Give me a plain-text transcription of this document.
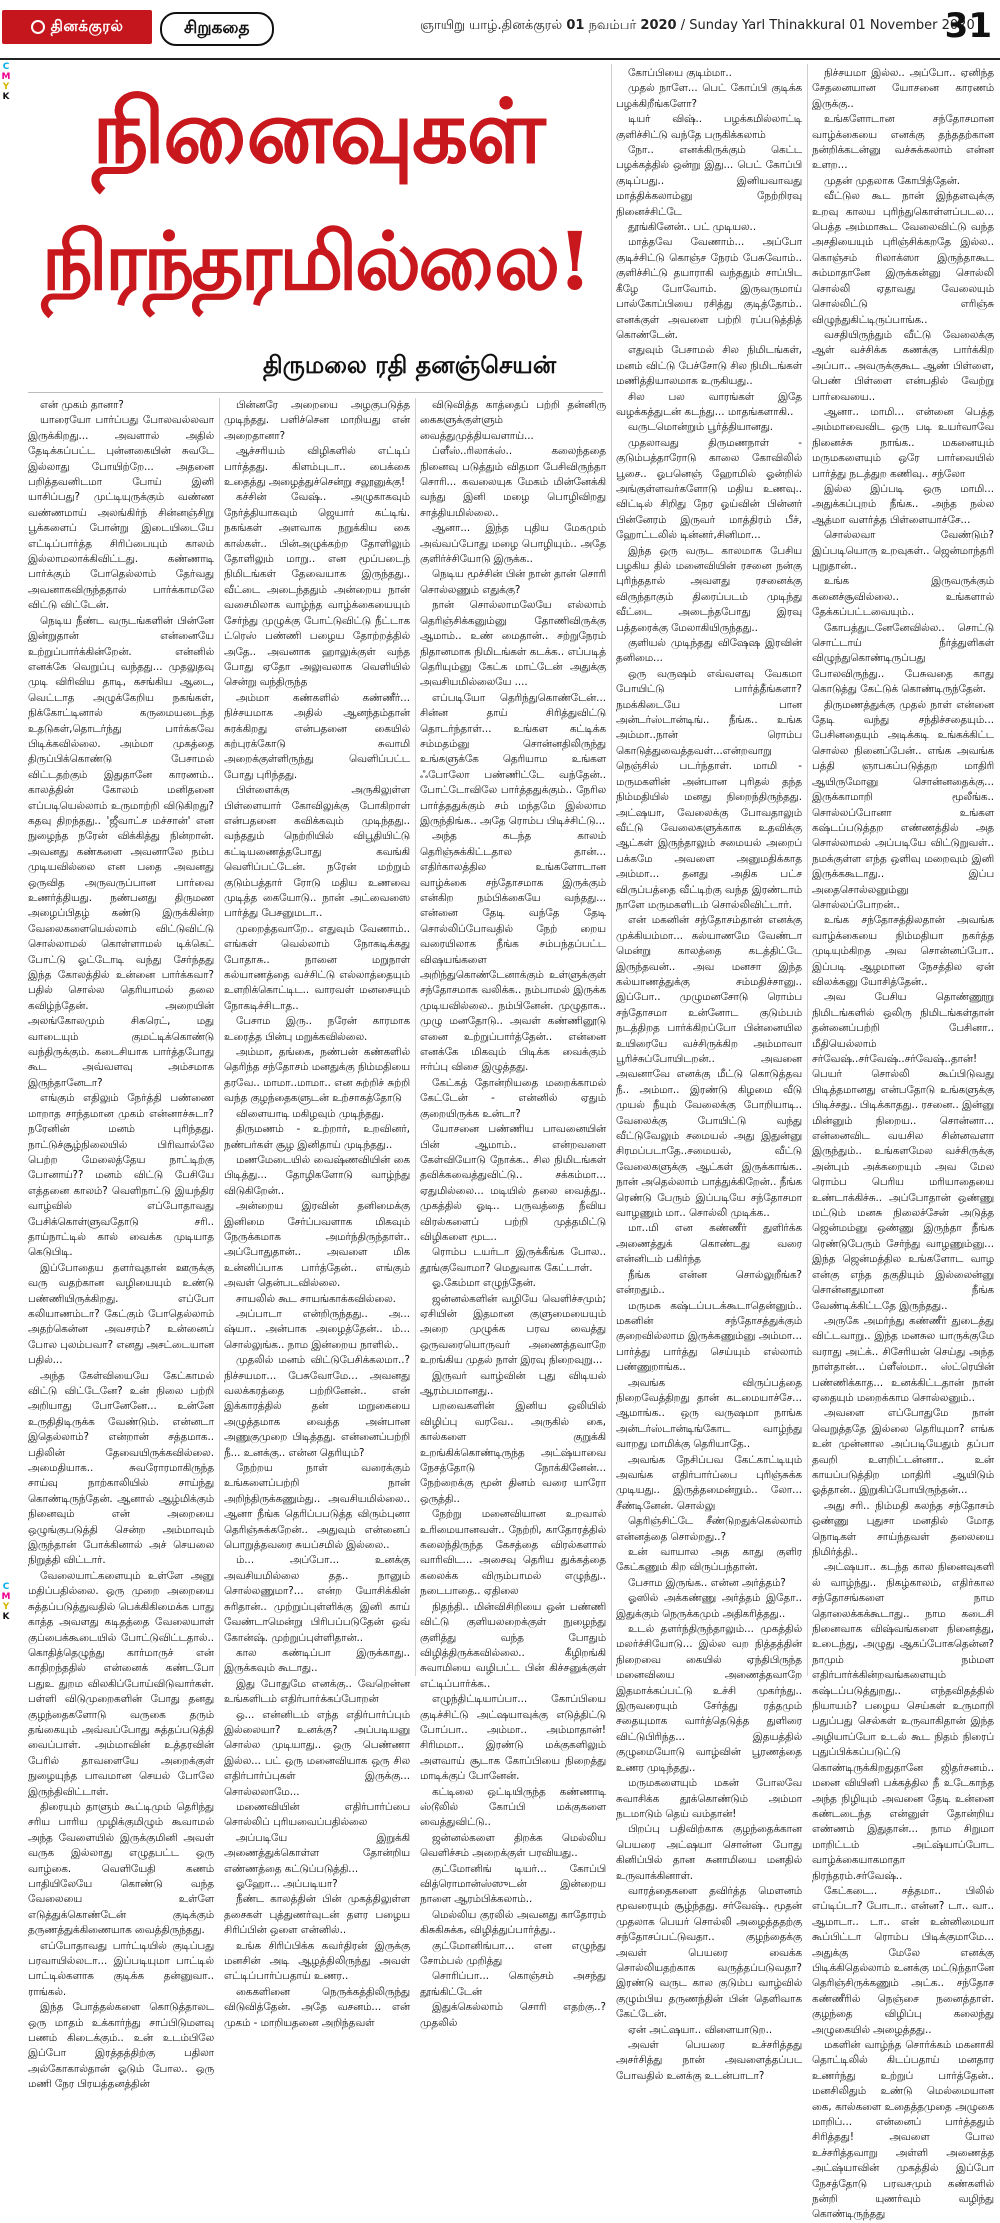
தினக்குரல்	சிறுகதை	ஞாயிறு யாழ்.தினக்குரல் 01 நவம்பர் 2020 / Sunday Yarl Thinakkural 01 November 2020
31
C
M
Y
K
C
M
Y
K
நினைவுகள்
நிரந்தரமில்லை!
திருமலை ரதி தனஞ்செயன்

என் முகம் தானா?

யாரையோ பார்ப்பது போலவல்லவா இருக்கிறது... அவளால் அதில் தேடிக்கப்பட்ட புன்னகையின் சுவடே இல்லாது போயிற்றே... அதனை பறித்தவனிடமா போய் இனி யாசிப்பது? முட்டியுருக்கும் வண்ண வண்ணமாய் அலங்கிர்ந் சின்னஞ்சிறு பூக்களைப் போன்று இடையிடையே எட்டிப்பார்த்த சிரிப்பையும் காலம் இல்லாமலாக்கிவிட்டது. கண்ணாடி பார்க்கும் போதெல்லாம் தேர்வது அவனாகவிருந்ததால் பார்க்காமலே விட்டு விட்டேன்.

நெடிய நீண்ட வருடங்களின் பின்னே இன்றுதான் என்னையே உற்றுப்பார்க்கின்றேன். என்னில் எனக்கே வெறுப்பு வந்தது... முதலுதவு முடி விரிவிய தாடி, கசங்கிய ஆடை, வெட்டாத அழுக்கேறிய நகங்கள், நிக்கோட்டினால் கருமையடைந்த உதடுகள்,தொடர்ந்து பார்க்கவே பிடிக்கவில்லை. அம்மா முகத்தை திருப்பிக்கொண்டு பேசாமல் விட்டதற்கும் இதுதானே காரணம்.. காலத்தின் கோலம் மனிதனை எப்படியெல்லாம் உருமாற்றி விடுகிறது? கதவு திறந்தது.. 'ஜீவாட்ச மச்சான்' என நுழைந்த நரேன் விக்கித்து நின்றான். அவனது கண்களை அவனாலே நம்ப முடியவில்லை என பதை அவனது ஒருவித அருவருப்பான பார்வை உணர்த்தியது. நண்பனது திருமண அழைப்பிதழ் கண்டு இருக்கின்ற வேலைகளையெல்லாம் விட்டுவிட்டு சொல்லாமல் கொள்ளாமல் டிக்கெட் போட்டு ஓட்டோடி வந்து சேர்ந்தது இந்த கோலத்தில் உன்னை பார்க்கவா? பதில் சொல்ல தெரியாமல் தலை கவிழ்ந்தேன். அறையின் அலங்கோலமும் சிகரெட், மது வாடையும் குமட்டிக்கொண்டு வந்திருக்கும். கடைசியாக பார்த்தபோது கூட அவ்வளவு அம்சமாக இருந்தானேடா?

எங்கும் எதிலும் நேர்த்தி பண்ணை மாறாத சாந்தமான முகம் என்னாச்சுடா? நரேனின் மனம் புரிந்தது. நாட்டுச்சூழ்நிலையில் பிரிவால்லே பெற்ற மேலைத்தேய நாட்டிற்கு போனாய்?? மனம் விட்டு பேசியே எத்தனை காலம்? வெளிநாட்டு இயந்திர வாழ்வில் எப்போதாவது பேசிக்கொள்ளுவதோடு சரி.. தாய்நாட்டில் கால் வைக்க முடியாத கெடுபிடி.

இப்போதைய தளர்வுதான் ஊருக்கு வரு வதற்கான வழியையும் உண்டு பண்ணியிருக்கிறது. எப்போ கலியாணம்டா? கேட்கும் போதெல்லாம் அதற்கென்ன அவசரம்? உன்னைப் போல புலம்பவா? எனது அசட்டையான பதில்...

அந்த கேள்வியையே கேட்காமல் விட்டு விட்டேனே? உன் நிலை பற்றி அறியாது போனேனே... உன்னே உருதிதிடிருக்க வேண்டும். என்னடா இதெல்லாம்? என்றான் சத்தமாக.. பதிலின் தேவையிருக்கவில்லை. அமைதியாக.. சுவரோரமாகிருந்த சாய்வு நாற்காலியில் சாய்ந்து கொண்டிருந்தேன். ஆனால் ஆழ்மிக்கும் நினைவும் என் அறையை ஒழுங்குபடுத்தி சென்ற அம்மாவும் இருந்தான் போக்கினால் அச் செயலை நிறுத்தி விட்டார்.

வேலையாட்களையும் உள்ளே அனு மதிப்பதில்லை. ஒரு முறை அறையை சுத்தப்படுத்துவதில் பெக்கிகிமைக்க பாது காத்த அவளது கடிதத்தை வேலையாள் குப்பைக்கூடையில் போட்டுவிட்டதால்.. கொதித்தெழுந்து கார்மாருச் என் காதிறந்ததில் என்னைக் கண்டபோ பதுஉ துறம விலகிப்போய்விடுவார்கள். பள்ளி விடுமுறைகளின் போது தனது குழந்தைகளோடு வருகை தரும் தங்கையும் அவ்வப்போது சுத்தப்படுத்தி வைப்பாள். அம்மாவின் உத்தரவின் பேரில் தாவளையே அறைக்குள் நுழையுந்த பாவமான செயல் போலே இருந்திவிட்டாள்.

திரையும் தாளும் கூட்டிமும் தெரிந்து சரிய பாரிய முழிக்குமிழும் கூவாமல் அந்த வேளையில் இருக்குமினி அவள் வருக இல்லாது எழுதபட்ட ஒரு வாழ்கை. வெளியேதி கணம் பாதியிலேயே கொண்டு வந்த வேலையை உள்ளே எடுத்துக்கொண்டேன் குடிக்கும் தருணத்துக்கிணையாக வைத்திருந்தது.

எப்போதாவது பார்ட்டியில் குடிப்பது பரவாயில்லடா... இப்படியுமா பாட்டில் பாட்டில்களாக குடிக்க தன்னுவா.. ராங்கல்.

இந்த போத்தல்களை கொடுத்தாலட ஒரு மாதம் உக்கார்ந்து சாப்பிடுமளவு பணம் கிடைக்கும்.. உன் உடம்பிலே இப்போ இரத்தத்திற்கு பதிலா அல்கோகால்தான் ஓடும் போல.. ஒரு மணி நேர பிரயத்தனத்தின்

பின்னரே அறையை அழகுபடுத்த முடிந்தது. பளிச்சென மாறியது என் அறைதானா?

ஆச்சரியம் விழிகளில் எட்டிப் பார்த்தது. கிளம்புடா.. பைக்கை உதைத்து அழைத்துச்சென்று சலூனுக்கு!

கச்சின் வேஷ்.. அழுகாகவும் நேர்த்தியாகவும் ஜெயார் கட்டிங். நகங்கள் அளவாக நறுக்கிய கை கால்கள்.. பின்அழுக்கற்ற தோளிலும் தோளிலும் மாறு.. என மூப்படைந் நிமிடங்கள் தேவையாக இருந்தது.. வீட்டை அடைந்ததும் அன்றைய நான் வசைமிலாக வாழ்ந்த வாழ்க்கையையும் சேர்ந்து முழுக்கு போட்டுவிட்டு நீட்டாக ட்ரெஸ் பண்ணி பழைய தோற்றத்தில் அதே.. அவனாக ஹாலுக்குள் வந்த போது ஏதோ அலுவலாக வெளியில் சென்று வந்திருந்த

அம்மா கண்களில் கண்ணீர்... நிச்சயமாக அதில் ஆனந்தம்தான் சுரக்கிறது என்பதனை கையில் கற்புரக்கோடு சுவாமி அறைக்குள்ளிருந்து வெளிப்பட்ட போது புரிந்தது.

பிள்ளைக்கு அருகிலுள்ள பிள்ளையார் கோவிலுக்கு போகிறாள் என்பதனை கவிக்கவும் முடிந்தது.. வந்ததும் நெற்றியில் விபூதியிட்டு கட்டியணைத்தபோது கவங்கி வெளிப்பட்டேன். நரேன் மற்றும் குடும்பத்தார் ரோடு மதிய உணவை முடித்த கையோடு.. நான் அட்வைஸை பார்த்து பேசனுமடா..

முறைத்தவாறே.. எதுவும் வேணாம்.. எங்கள் வெல்லாம் நோகடிக்கது போதாசு.. நானை மறுநாள் கல்யாணத்தை வச்சிட்டு எல்லாத்தையும் உளறிக்கொட்டிட.. வாரவள் மனசையும் நோகடிச்சிடாத..

பேசாம இரு.. நரேன் காரமாக உரைத்த பின்பு மறுக்கவில்லை.

அம்மா, தங்கை, நண்பன் கண்களில் தெரிந்த சந்தோசம் மனதுக்கு நிம்மதியை தரவே.. மாமா..மாமா.. என சுற்றிச் சுற்றி வந்த குழந்தைகளுடன் உற்சாகத்தோடு

விளையாடி மகிழவும் முடிந்தது.

திருமணம் - உற்றார், உறவினர், நண்பர்கள் சூழ இனிதாய் முடிந்தது..

மணமேடையில் வைஷ்ணவியின் கை பிடித்து... தோழிகளோடு வாழ்ந்து விடுகிறேன்..

அன்றைய இரவின் தனிமைக்கு இனிமை சேர்ப்பவளாக மிகவும் நேருக்கமாக அமர்ந்திருந்தாள்.. அப்போதுதான்.. அவளை மிக உன்னிப்பாக பார்த்தேன்.. எங்கும் அவள் தென்படவில்லை.

சாயலில் கூட சாயங்காக்கவில்லை.

அப்பாடா என்றிருந்தது.. அ... ஷ்யா.. அன்பாக அழைத்தேன்.. ம்... சொல்லுங்க.. நாம இன்றைய நாளில்..

முதலில் மனம் விட்டுபேசிக்கலமா..? நிச்சயமா... பேசுவோமே... அவனது வலக்கரத்தை பற்றினேன்.. என் இக்காரத்தில் தன் மறுகையை அழுத்தமாக வைத்த அன்பான அணுகுமுறை பிடித்தது. என்னைப்பற்றி நீ... உனக்கு.. என்ன தெரியும்?

நேற்றய நாள் வரைக்கும் உங்களைப்பற்றி நான் அறிந்திருக்கணும்து.. அவசியமில்லை.. ஆனா நீங்க தெரிப்பபடுத்த விரும்புனா தெரிஞ்சுக்கறேன்.. அதுவும் என்னைப் பொறுத்தவரை சுயப்சமில் இல்லை..

ம்... அப்போ... உனக்கு அவசியமில்லை தத.. நானும் சொல்லணுமா?... என்ற யோசிக்கின் சுரிதான்.. முற்றுப்புள்ளிக்கு இனி காய் வேண்டாமென்று பிரிபப்படுதேன் ஒவ் கோன்ஷ். முற்றுப்புள்ளிதான்..

கால கண்டிப்பா இருக்காது.. இருக்கவும் கூடாது..

இது போதுமே எனக்கு.. வேறென்ன உங்களிடம் எதிர்பார்க்கப்போறன்

ஒ... என்னிடம் எந்த எதிர்பார்ப்பும் இல்லையா? உனக்கு? அப்படியனு சொல்ல முடியாது.. ஒரு பெண்ணா இல்ல... பட் ஒரு மனைவியாக ஒரு சில எதிர்பார்ப்புகள் இருக்கு... சொல்லலாமே...

மணைவியின் எதிர்பார்ப்பை சொல்லிப் புரியவைப்பதில்லை

அப்படியே இறுக்கி அணைத்துக்கொள்ள தோன்றிய எண்ணத்தை கட்டுப்படுத்தி...

ஓஹோ... அப்படியா?

நீண்ட காலத்தின் பின் முகத்திலுள்ள தசைகள் புத்துணர்வுடன் தளர பழைய சிரிப்பின் ஒளை என்னில்..

உங்க சிரிப்பிக்க கவர்திரன் இருக்கு மனசின் அடி ஆழத்திலிருந்து அவள் எட்டிப்பார்ப்பதாய் உணர..

கைகளினை நெருக்கத்திலிருந்து விடுவித்தேன். அதே வசனம்... என் முகம் - மாறியதனை அறிந்தவள்

விடுவித்த காத்தைப் பற்றி தன்னிரு கைகளுக்குள்ளும் வைத்துமுத்தியவளாய்...

ப்ளீஸ்..ரிலாக்ஸ்.. கலைந்ததை நினைவு படுத்தும் விதமா பேசிவிருந்தா சொரி... கவலையுக மேகம் மின்னேக்கி வந்து இனி மழை பொழிவிறது சாத்தியமில்லை..

ஆனா... இந்த புதிய மேகமும் அவ்வப்போது மழை பொழியும்.. அதே குளிர்ச்சியோடு இருக்க..

நெடிய மூச்சின் பின் நான் தான் சொரி சொல்லணும் எதுக்கு?

நான் சொல்லாமலேயே எல்லாம் தெரிஞ்சிக்கனும்னு தோணிவிருக்கு ஆமாம்.. உண் மைதான்.. சற்றுநேரம் நிதானமாக நிமிடங்கள் கடக்க.. எப்படித் தெரியும்னு கேட்க மாட்டேன் அதுக்கு அவசியமில்லையே ....

எப்படியோ தெரிந்துகொண்டேன்... சின்ன தாய் சிரித்துவிட்டு தொடர்ந்தாள்... உங்கள கட்டிக்க சம்மதம்னு சொன்னதிலிருந்து உங்களுக்கே தெரியாம உங்கள ஃபோலோ பண்ணிட்டே வந்தேன்.. போட்டோவிலே பார்த்ததுக்கும்.. நேரில பார்த்ததுக்கும் சம் மந்தமே இல்லாம இருந்திங்க.. அதே ரொம்ப பிடிச்சிட்டு...

அந்த கடந்த காலம் தெரிஞ்சுக்கிட்டதால தான்... எதிர்காலத்தில உங்களோடான வாழ்க்கை சந்தோசமாக இருக்கும் என்கிற நம்பிக்கையே வந்தது... என்னை தேடி வந்தே தேடி சொல்லிப்போவதில் நேற் றைய வரையிலாக நீங்க சம்பந்தப்பட்ட விஷயங்களை அறிந்துகொண்டேனாக்கும் உள்ளுக்குள் சந்தோசமாக வலிக்க.. நம்பாமல் இருக்க முடியவில்லை.. நம்பினேன். முழுதாக.. முழு மனதோடு.. அவள் கண்ணினூடு எனை உற்றுப்பார்த்தேன்.. என்னை எனக்கே மிகவும் பிடிக்க வைக்கும் ஈர்ப்பு விசை இழுத்தது.

கேட்கத் தோன்றியதை மறைக்காமல் கேட்டேன் - என்னில் ஏதும் குறையிருக்க உன்டா?

யோசனை பண்ணிய பாவனையின் பின் ஆமாம்.. என்றவளை கேள்வியோடு நோக்க.. சில நிமிடங்கள் தவிக்கவைத்துவிட்டு.. சக்கம்மா... ஏதுமில்லை... மடியில் தலை வைத்து.. முகத்தில் ஓடி.. பருவத்தை நீவிய விரல்களைப் பற்றி முத்தமிட்டு விழிகளை மூட..

ரொம்ப டயர்டா இருக்கீங்க போல.. தூங்குவோமா? மெதுவாக கேட்டாள்.

ஓ.கேம்மா எழுந்தேன்.

ஜன்னல்களின் வழியே வெளிச்சமும்; ஏசியின் இதமான குளுமையையும் அறை முழுக்க பரவ வைத்து ஒருவரையொருவர் அணைத்தவாறே உறங்கிய முதல் நாள் இரவு நிறைவுறு...

இருவர் வாழ்வின் புது விடியல் ஆரம்பமானது..

பறவைகளின் இனிய ஒலியில் விழிப்பு வரவே.. அருகில் கை, கால்களை குறுக்கி உறங்கிக்கொண்டிருந்த அட்ஷ்யாவை நேசத்தோடு நோக்கினேன்... நேற்றைக்கு மூன் தினம் வரை யாரோ ஒருத்தி..

நேற்று மனைவியான உறவால் உரிமையானவள்.. நேற்றி, காதோரத்தில் கலைந்திருந்த கேசத்தை விரல்களால் வாரிவிட... அசைவு தெரிய துக்கத்தை கலைக்க விரும்பாமல் எழுந்து.. நடைபாதை.. ஏதிலை

நிதந்தி.. மின்விசிறியை ஒன் பண்ணி விட்டு குளியலறைக்குள் நுழைந்து குளித்து வந்த போதும் விழித்திருக்கவில்லை.. கீழிறங்கி சுவாமியை வழிபட்ட பின் கிச்சனுக்குள் எட்டிப்பார்க்க..

எழுந்திட்டியாப்பா... கோப்பியை குடிச்சிட்டு அட்ஷயாவுக்கு எடுத்திட்டு போப்பா.. அம்மா.. அம்மாதான்! சிரிமமா.. இரண்டு மக்குகளிலும் அளவாய் சூடாக கோப்பியை நிறைத்து மாடிக்குப் போனேன்.

கட்டிலை ஒட்டியிருந்த கண்ணாடி ஸ்டூலில் கோப்பி மக்குகளை வைத்துவிட்டு..

ஜன்னல்களை திறக்க மெல்லிய வெளிச்சம் அறைக்குள் பரவியது..

குட்மோனிங் டியர்... கோப்பி வித்ரொமான்ஸ்ஸுடன் இன்றைய நாளை ஆரம்பிக்கலாம்..

மெல்லிய குரலில் அவனது காதோரம் கிசுகிசுக்க, விழித்துப்பார்த்து..

குட்மோனிங்பா... என எழுந்து சோம்பல் முறித்து

சொரிப்பா... கொஞ்சம் அசந்து தூங்கிட்டேன்

இதுக்கெல்லாம் சொரி எதற்கு..? முதலில்

கோப்பியை குடிம்மா..

முதல் நாளே... பெட் கோப்பி குடிக்க பழக்கிறீங்களோ?

டியர் விஷ்.. பழக்கமில்லாட்டி குளிச்சிட்டு வந்தே பருகிக்கலாம்

நோ.. எனக்கிருக்கும் கெட்ட பழக்கத்தில் ஒன்று இது... பெட் கோப்பி குடிப்பது.. இனியவாவது மாத்திக்கலாம்னு நேற்றிரவு நினைச்சிட்டே

தூங்கினேன்.. பட் முடியல..

மாத்தவே வேணாம்... அப்போ குடிச்சிட்டு கொஞ்ச நேரம் பேசுவோம்.. குளிச்சிட்டு தயாராகி வந்ததும் சாப்பிட கீழே போவோம். இருவருமாய் பால்கோப்பியை ரசித்து குடித்தோம்.. எனக்குள் அவளை பற்றி ரப்படுத்தித் கொண்டேன்.

எதுவும் பேசாமல் சில நிமிடங்கள், மனம் விட்டு பேச்சோடு சில நிமிடங்கள் மணித்தியாலமாக உருகியது..

சில பல வாரங்கள் இதே வழக்கத்துடன் கடந்து... மாதங்களாகி..

வருடமொன்றும் பூர்த்தியானது.

முதலாவது திருமணநாள் - குடும்பத்தாரோடு காலை கோவிலில் பூசை.. ஓபனெஞ் ஹோமில் ஓன்றில் அங்குள்ளவர்களோடு மதிய உணவு.. விட்டில் சிறிது நேர ஓய்வின் பின்னர் பின்னேரம் இருவர் மாத்திரம் பீச், ஹோட்டலில் டின்னர்,சினிமா...

இந்த ஒரு வருட காலமாக பேசிய பழகிய தில் மனைவியின் ரசனை நன்கு புரிந்ததால் அவளது ரசனைக்கு விருந்தாகும் திரைப்படம் முடிந்து வீட்டை அடைந்தபோது இரவு பத்தரைக்கு மேலாகியிருந்தது..

குளியல் முடிந்தது விஷேஷ இரவின் தனிமை...

ஒரு வருஷம் எவ்வளவு வேகமா போயிட்டு பார்த்தீங்களா? நமக்கிடையே பான அன்டர்ஸ்டான்டிங்.. நீங்க.. உங்க அம்மா..நான் ரொம்ப கொடுத்துவைத்தவள்...என்றவாறு நெஞ்சில் படர்ந்தாள். மாமி - மருமகளின் அன்பான புரிதல் தந்த நிம்மதியில் மனது நிறைந்திருந்தது. அட்ஷயா, வேலைக்கு போவதாலும் வீட்டு வேலைகளுக்காக உதவிக்கு ஆட்கள் இருந்தாலும் சமையல் அறைப் பக்கமே அவளை அனுமதிக்காத அம்மா... தனது அதிக பட்ச விருப்பத்தை வீட்டிற்கு வந்த இரண்டாம் நாளே மருமகளிடம் சொல்லிவிட்டார்.

என் மகனின் சந்தோசம்தான் எனக்கு முக்கியம்மா... கல்யாணமே வேண்டா மென்று காலத்தை கடத்திட்டே இருந்தவன்.. அவ மனசா இந்த கல்யாணத்துக்கு சம்மதிச்சானு.. இப்போ.. முழுமனசோடு ரொம்ப சந்தோசமா உன்னோட குடும்பம் நடத்திறத பார்க்கிறப்போ பின்னையில உயிரையே வச்சிருக்கிற அம்மாவா பூரிச்சுப்போயிடறன்.. அவனை அவனாவே எனக்கு மீட்டு கொடுத்தவ நீ.. அம்மா.. இரண்டு கிழமை வீடு முயல் நீயும் வேலைக்கு போறியாடி.. வேலைக்கு போயிட்டு வந்து வீட்டுவேலும் சமையல் அது இதுன்னு சிரமப்படாதே..சமையல், வீட்டு வேலைகளுக்கு ஆட்கள் இருக்காங்க.. நான் அதெல்லாம் பாத்துக்கிறேன்.. நீங்க ரெண்டு பேரும் இப்படியே சந்தோசமா வாழணும் மா.. சொல்லி முடிக்க..

மா..மி என கண்ணீர் துளிர்க்க அணைத்துக் கொண்டது வரை என்னிடம் பகிர்ந்த

நீங்க என்ன சொல்லுறீங்க? என்றதும்..

மருமக கஷ்டப்படக்கூடாதென்னும்.. மகனின் சந்தோசத்துக்கும் குறைவில்லாம இருக்கணும்னு அம்மா... பார்த்து பார்த்து செய்யும் எல்லாம் பண்ணுறாங்க..

அவங்க விருப்பத்தை நிறைவேத்திறது தான் கடமையாச்சே... ஆமாங்க.. ஒரு வருஷமா நாங்க அன்டர்ஸ்டான்டிங்கோட வாழ்ந்து வாறது மாமிக்கு தெரியாதே..

அவங்க நேசிப்பவ கேட்காட்டியும் அவங்க எதிர்பார்ப்பை புரிஞ்சுக்க முடியது.. இருத்தமைன்றும்.. லோ... சீண்டினேன். சொல்லு

தெரிஞ்சிட்டே சீண்டுறதுக்கெல்லாம் என்னத்தை சொல்றது..?

உன் வாயால அத காது குளிர கேட்கணும் கிற விருப்பந்தான்.

பேசாம இருங்க.. என்ன அர்த்தம்?

ஓஸில் அக்கண்ணு அர்த்தம் இதோ.. இதுக்கும் நெருக்கமும் அதிகரித்தது..

உடல் தளர்ந்திருந்தாலும்... முகத்தில் மலர்ச்சியோடு... இல்ல வற நித்தத்தின் நிறைவை கையில் ஏந்திபிருந்த மனைவியை அணைத்தவாறே இதமாக்கப்பட்டு உச்சி முகர்ந்து.. இருவரையும் சேர்த்து ரத்தமும் சதையுமாக வார்த்தெடுத்த துளிரை விட்டுபிரிந்த... இதயத்தில் குழுமையோடு வாழ்வின் பூரணத்தை உணர முடிந்தது..

மருமகளையும் மகன் போலவே சுவாசிக்க தூக்கொண்டும் அம்மா நடமாடும் தெய் வம்தான்!

பிறப்பு பதிவிற்காக குழந்தைக்கான பெயரை அட்ஷயா சொன்ன போது கினிப்பில் தான சுனாமியை மனதில் உருவாக்கினாள்.

வாரத்தைகளை தவிர்த்த மௌனம் மூவரையும் சூழ்ந்தது. சர்வேஷ்.. மூதன் முதலாக பெயர் சொல்லி அழைத்ததற்கு சந்தோசப்பட்டுவதா.. குழந்தைக்கு அவள் பெயரை வைக்க சொல்லியதற்காக வருத்தப்படுவதா? இரண்டு வருட கால குடும்ப வாழ்வில் குழும்பிய தருணந்தின் பின் தெளிவாக கேட்டேன்.

ஏன் அட்ஷயா.. விளையாடுற..

அவள் பெயரை உச்சரித்தது அசர்சித்து நான் அவளைத்தப்பட போவதில் உனக்கு உடன்பாடா?

நிச்சயமா இல்ல.. அப்போ.. ஏனிந்த சேதனையான யோசனை காரணம் இருக்கு..

உங்களோடான சந்தோசமான வாழ்க்கையை எனக்கு தந்ததற்கான நன்றிக்கடன்னு வச்சுக்கலாம் என்ன உளற...

முதன் முதலாக கோபித்தேன்.

வீட்டுல கூட நான் இந்தளவுக்கு உறவு காலய புரிந்துகொள்ளப்படல... பெத்த அம்மாகூட வேலைவிட்டு வந்த அசதியையும் புரிஞ்சிக்கறதே இல்ல.. கொஞ்சம் ரிலாக்ஸா இருந்தாகூட சும்மாதானே இருக்கன்னு சொல்லி சொல்லி ஏதாவது வேலையும் சொல்லிட்டு எரிஞ்சு விழுந்துகிட்டிருப்பாங்க..

வசதியிருந்தும் வீட்டு வேலைக்கு ஆள் வச்சிக்க கணக்கு பார்க்கிற அப்பா.. அவருக்குகூட ஆண் பிள்ளை, பெண் பிள்ளை என்பதில் வேற்று பார்வையை..

ஆனா.. மாமி... என்னை பெத்த அம்மாவைவிட ஒரு படி உயர்வாவே நினைச்சு நாங்க.. மகனையும் மருமகளையும் ஒரே பார்வையில் பார்த்து நடத்துற கணிவு.. சந்லோ

இல்ல இப்படி ஒரு மாமி... அதுக்கப்புறம் நீங்க.. அந்த நல்ல ஆத்மா வளர்த்த பிள்ளையாச்சே...

சொல்லவா வேண்டும்? இப்படியொரு உறவுகள்.. ஜென்மாந்தரி புறுதான்..

உங்க இருவருக்கும் கனைச்சூவில்லை.. உங்களால் தேக்கப்பட்டவையும்..

கோபத்துடனேனேவில்ல.. சொட்டு சொட்டாய் நீர்த்துளிகள் விழுந்துகொண்டிருப்பது போலவிருந்து.. பேசுவதை காது கொடுத்து கேட்டுக் கொண்டிருந்தேன்.

திருமணத்துக்கு முதல் நாள் என்னை தேடி வந்து சந்திச்சதையும்... பேசினதையும் அடிக்கடி உங்கக்கிட்ட சொல்ல நினைப்பேன்.. எங்க அவங்க பத்தி ஞாபகப்படுத்தற மாதிரி ஆயிருமோனு சொன்னதைக்கு... இருக்காமாறி மூலீங்க.. சொல்லப்போனா உங்கள கஷ்டப்படுத்தற எண்ணத்தில் அத சொல்லாமல் அப்படியே விட்டுறுவள்.. நமக்குள்ள எந்த ஒளிவு மறைவும் இனி இருக்ககூடாது.. இப்ப அதைசொல்லனும்னு சொல்லப்போறன்..

உங்க சந்தோசத்திலதான் அவங்க வாழ்க்கையை நிம்மதியா நகர்த்த முடியும்கிறத அவ சொன்னப்போ.. இப்படி ஆழமான நேசத்தில ஏன் விலக்கனு யோசித்தேன்..

அவ பேசிய தொண்ணூறு நிமிடங்களில் ஒலிரு நிமிடங்கள்தான் தன்னைப்பற்றி பேசினா.. மீதியெல்லாம் சர்வேஷ்..சர்வேஷ்..சர்வேஷ்..தான்! பெயர் சொல்லி கூப்பிடுவது பிடித்தமானது என்பதோடு உங்களுக்கு பிடிச்சது.. பிடிக்காதது.. ரசனை.. இன்னு மின்னும் நிறைய.. சொன்னா... என்னைவிட வயசில சின்னவளா இருந்தும்.. உங்களமேல வச்சிருக்கு அன்பும் அக்கறையும் அவ மேல ரொம்ப பெரிய மரியாதையை உண்டாக்கிச்சு.. அப்போதான் ஒண்ணு மட்டும் மனசு நிலைச்சேன் அடுத்த ஜென்மம்னு ஒண்ணு இருந்தா நீங்க ரெண்டுபேரும் சேர்ந்து வாழணும்னு... இந்த ஜென்மத்தில உங்களோட வாழ என்கு எந்த தகுதியும் இல்லைன்னு சொன்னதுமான நீங்க வேண்டிக்கிட்டதே இருந்தது..

அருகே அமர்ந்து கண்ணீர் துடைத்து விட்டவாறு.. இந்த மனசுல யாருக்குமே வராது அட்க்.. சிசேரியன் செய்து அந்த நாள்தான்... ப்ளீஸ்மா.. ஸ்ட்ரெயின் பண்ணிக்காத... உனக்கிட்டதான் நான் ஏதையும் மறைக்காம சொல்லனும்..

அவளை எப்போதுமே நான் வெறுத்ததே இல்லை தெரியுமா? எங்க உன் முன்னால அப்படியேதும் தப்பா தவறி உளறிட்டன்னா.. உன் காயப்படுத்திற மாதிரி ஆயிடும் ஓத்தான்.. இறுகிப்போயிருந்தன்...

அது சரி.. நிம்மதி கலந்த சந்தோசம் ஒண்ணு புதுசா மனதில் மோத நொடிகள் சாய்ந்தவள் தலையை நிமிர்த்தி..

அட்ஷயா.. கடந்த கால நினைவுகளி ல் வாழ்ந்து.. நிகழ்காலம், எதிர்கால சந்தோசங்களை நாம தொலைக்கக்கூடாது.. நாம கடைசி நினைவாக விஷ்வங்களை நினைத்து, உடைந்து, அழுது ஆகப்போகதென்ன? நாமும் நம்மள எதிர்பார்க்கின்றவங்களையும் கஷ்டப்படுத்துறது.. எந்தவிதத்தில் நியாயம்? பழைய செய்கள் உருமாறி பதுப்பது செல்கள் உருவாகிதான் இந்த அழியாப்போ உடல் கூட நிதம் நிரைப் புதுப்பிக்கப்படுட்டு கொண்டிருக்கிறதுதானே ஜிதர்சனம்.. மனை வியினி பக்கத்தில நீ உடேகாந்த அந்த நிழியும் அவனை தேடி உன்னை கண்டடைந்த என்னுள் தோன்றிய எண்ணம் இதுதான்... நாம சிறுமா மாறிட்டம் அட்ஷ்யாப்போட வாழ்க்கையாகமாதா நிரந்தரம்.சர்வேஷ்..

கேட்கடை.. சத்தமா.. பிலில் எப்டிப்டா? போடா.. என்ன? டா.. வா.. ஆமாடா.. டா.. என் உன்னிமையா கூப்பிட்டா ரொம்ப பிடிக்குமாமே... அதுக்கு மேலே எனக்கு பிடிக்கிதெல்லாம் உனக்கு மட்டுந்தானே தெரிஞ்சிருக்கணும் அட்க.. சந்தோச கண்ணீரில் நெஞ்சை நனைத்தாள். குழந்தை விழிப்பு கலைந்து அழுகையில் அழைத்தது..

மகளின் வாழ்ந்த சொர்க்கம் மகனாகி தொட்டிலில் கிடப்பதாய் மனதார உணர்ந்து உற்றுப் பார்த்தேன்.. மனசிலிதும் உண்டு மெல்மையான கை, கால்களை உதைத்தமுதை அழுகை மாறிப்... என்னைப் பார்த்ததும் சிரித்தது! அவளை போல உச்சரித்தவாறு அள்ளி அணைத்த அட்ஷ்யாவின் முகத்தில் இப்போ நேசத்தோடு பரவசமும் கண்களில் நன்றி யுணர்வும் வழிந்து கொண்டிருந்தது
